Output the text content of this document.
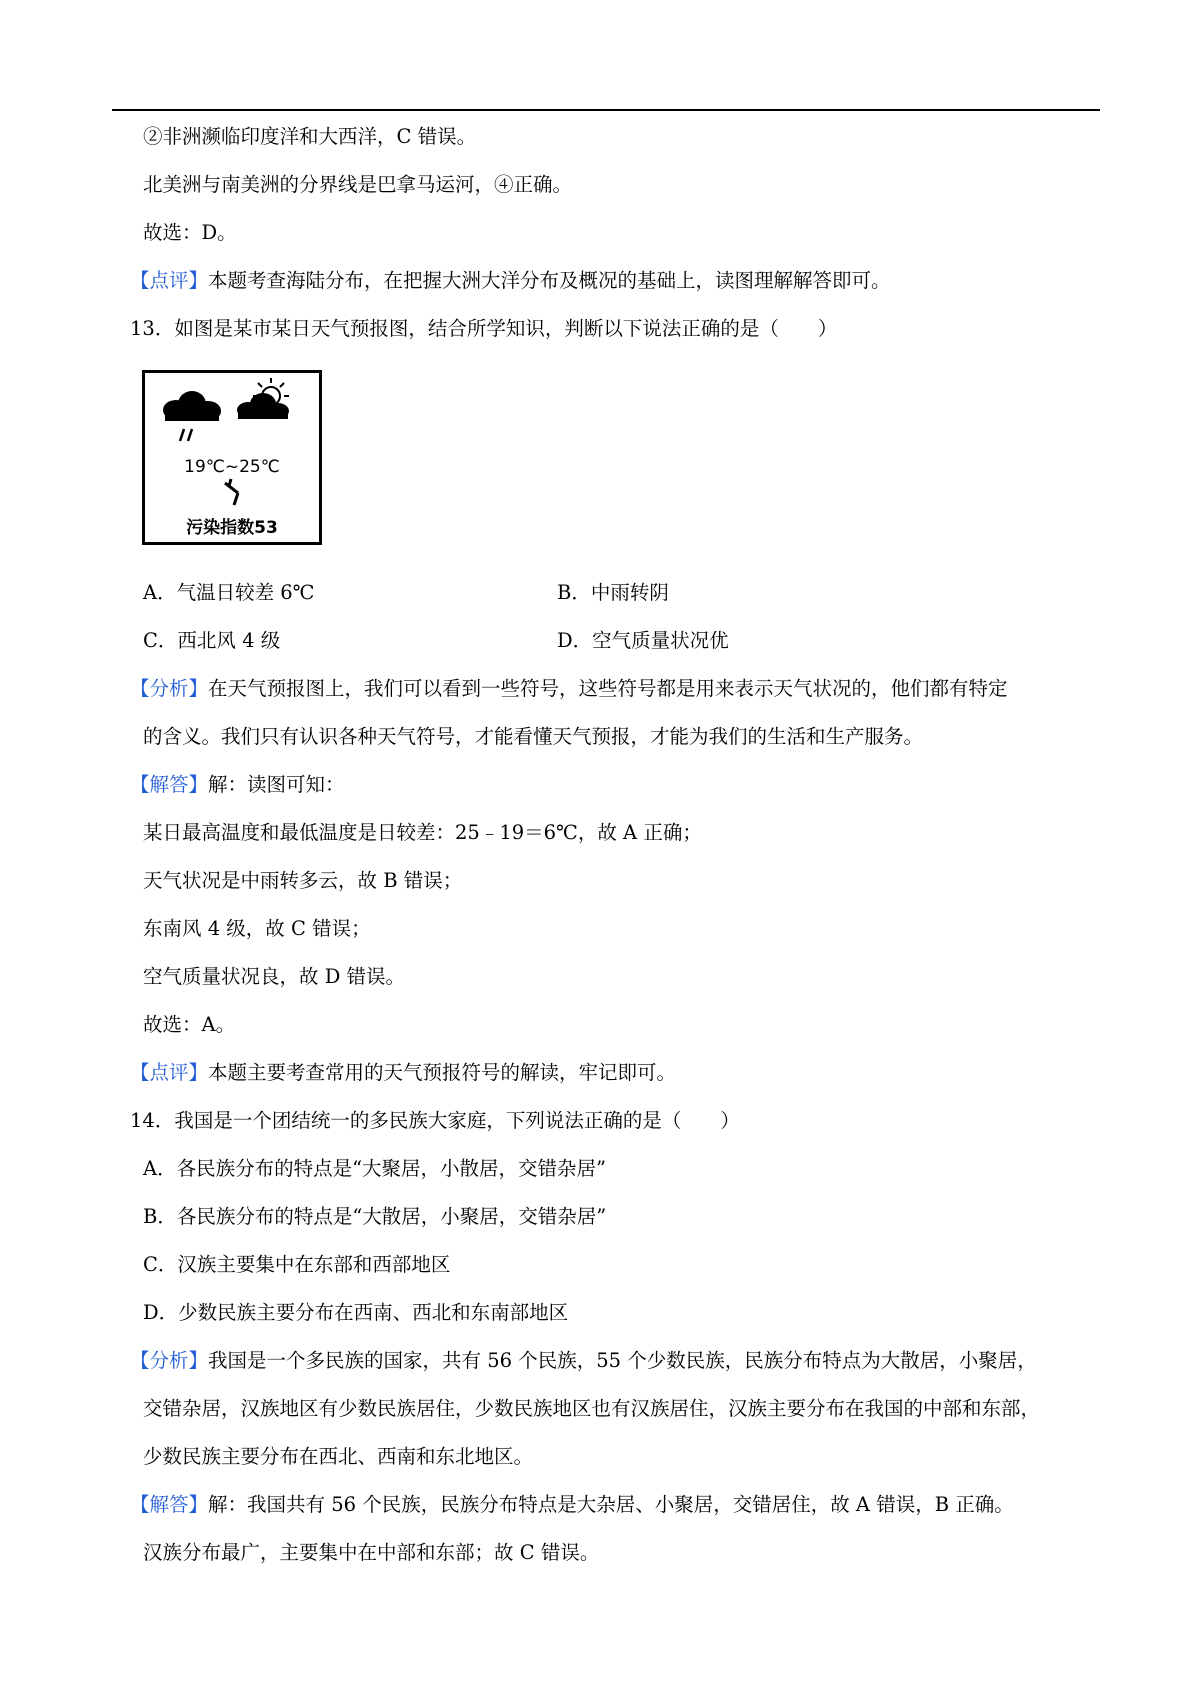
②非洲濒临印度洋和大西洋，C 错误。
北美洲与南美洲的分界线是巴拿马运河，④正确。
故选：D。
【点评】本题考查海陆分布，在把握大洲大洋分布及概况的基础上，读图理解解答即可。
13．如图是某市某日天气预报图，结合所学知识，判断以下说法正确的是（　　）
19℃~25℃
污染指数53
A．气温日较差 6℃	B．中雨转阴
C．西北风 4 级	D．空气质量状况优
【分析】在天气预报图上，我们可以看到一些符号，这些符号都是用来表示天气状况的，他们都有特定
的含义。我们只有认识各种天气符号，才能看懂天气预报，才能为我们的生活和生产服务。
【解答】解：读图可知：
某日最高温度和最低温度是日较差：25﹣19＝6℃，故 A 正确；
天气状况是中雨转多云，故 B 错误；
东南风 4 级，故 C 错误；
空气质量状况良，故 D 错误。
故选：A。
【点评】本题主要考查常用的天气预报符号的解读，牢记即可。
14．我国是一个团结统一的多民族大家庭，下列说法正确的是（　　）
A．各民族分布的特点是“大聚居，小散居，交错杂居”
B．各民族分布的特点是“大散居，小聚居，交错杂居”
C．汉族主要集中在东部和西部地区
D．少数民族主要分布在西南、西北和东南部地区
【分析】我国是一个多民族的国家，共有 56 个民族，55 个少数民族，民族分布特点为大散居，小聚居，
交错杂居，汉族地区有少数民族居住，少数民族地区也有汉族居住，汉族主要分布在我国的中部和东部，
少数民族主要分布在西北、西南和东北地区。
【解答】解：我国共有 56 个民族，民族分布特点是大杂居、小聚居，交错居住，故 A 错误，B 正确。
汉族分布最广，主要集中在中部和东部；故 C 错误。
